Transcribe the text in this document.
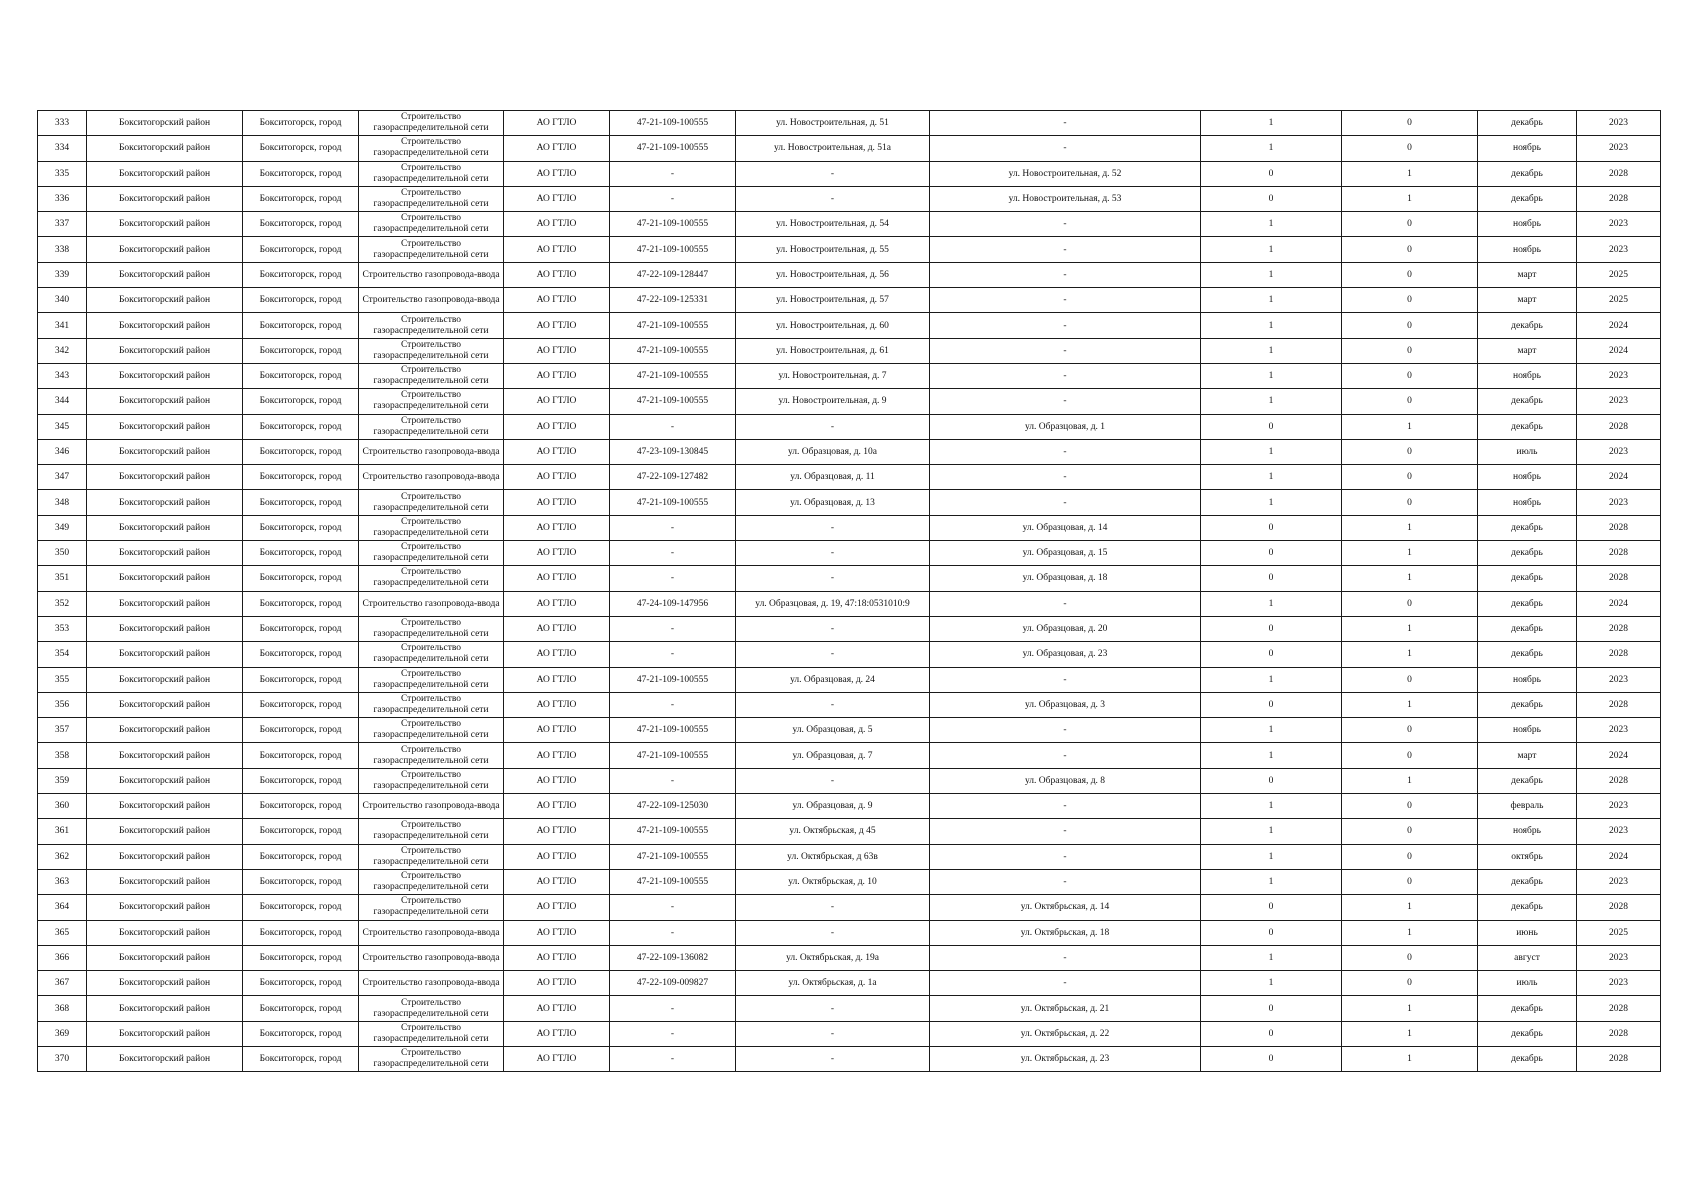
333	Бокситогорский район	Бокситогорск, город	Строительство газораспределительной сети	АО ГТЛО	47-21-109-100555	ул. Новостроительная, д. 51	-	1	0	декабрь	2023
334	Бокситогорский район	Бокситогорск, город	Строительство газораспределительной сети	АО ГТЛО	47-21-109-100555	ул. Новостроительная, д. 51а	-	1	0	ноябрь	2023
335	Бокситогорский район	Бокситогорск, город	Строительство газораспределительной сети	АО ГТЛО	-	-	ул. Новостроительная, д. 52	0	1	декабрь	2028
336	Бокситогорский район	Бокситогорск, город	Строительство газораспределительной сети	АО ГТЛО	-	-	ул. Новостроительная, д. 53	0	1	декабрь	2028
337	Бокситогорский район	Бокситогорск, город	Строительство газораспределительной сети	АО ГТЛО	47-21-109-100555	ул. Новостроительная, д. 54	-	1	0	ноябрь	2023
338	Бокситогорский район	Бокситогорск, город	Строительство газораспределительной сети	АО ГТЛО	47-21-109-100555	ул. Новостроительная, д. 55	-	1	0	ноябрь	2023
339	Бокситогорский район	Бокситогорск, город	Строительство газопровода-ввода	АО ГТЛО	47-22-109-128447	ул. Новостроительная, д. 56	-	1	0	март	2025
340	Бокситогорский район	Бокситогорск, город	Строительство газопровода-ввода	АО ГТЛО	47-22-109-125331	ул. Новостроительная, д. 57	-	1	0	март	2025
341	Бокситогорский район	Бокситогорск, город	Строительство газораспределительной сети	АО ГТЛО	47-21-109-100555	ул. Новостроительная, д. 60	-	1	0	декабрь	2024
342	Бокситогорский район	Бокситогорск, город	Строительство газораспределительной сети	АО ГТЛО	47-21-109-100555	ул. Новостроительная, д. 61	-	1	0	март	2024
343	Бокситогорский район	Бокситогорск, город	Строительство газораспределительной сети	АО ГТЛО	47-21-109-100555	ул. Новостроительная, д. 7	-	1	0	ноябрь	2023
344	Бокситогорский район	Бокситогорск, город	Строительство газораспределительной сети	АО ГТЛО	47-21-109-100555	ул. Новостроительная, д. 9	-	1	0	декабрь	2023
345	Бокситогорский район	Бокситогорск, город	Строительство газораспределительной сети	АО ГТЛО	-	-	ул. Образцовая, д. 1	0	1	декабрь	2028
346	Бокситогорский район	Бокситогорск, город	Строительство газопровода-ввода	АО ГТЛО	47-23-109-130845	ул. Образцовая, д. 10а	-	1	0	июль	2023
347	Бокситогорский район	Бокситогорск, город	Строительство газопровода-ввода	АО ГТЛО	47-22-109-127482	ул. Образцовая, д. 11	-	1	0	ноябрь	2024
348	Бокситогорский район	Бокситогорск, город	Строительство газораспределительной сети	АО ГТЛО	47-21-109-100555	ул. Образцовая, д. 13	-	1	0	ноябрь	2023
349	Бокситогорский район	Бокситогорск, город	Строительство газораспределительной сети	АО ГТЛО	-	-	ул. Образцовая, д. 14	0	1	декабрь	2028
350	Бокситогорский район	Бокситогорск, город	Строительство газораспределительной сети	АО ГТЛО	-	-	ул. Образцовая, д. 15	0	1	декабрь	2028
351	Бокситогорский район	Бокситогорск, город	Строительство газораспределительной сети	АО ГТЛО	-	-	ул. Образцовая, д. 18	0	1	декабрь	2028
352	Бокситогорский район	Бокситогорск, город	Строительство газопровода-ввода	АО ГТЛО	47-24-109-147956	ул. Образцовая, д. 19, 47:18:0531010:9	-	1	0	декабрь	2024
353	Бокситогорский район	Бокситогорск, город	Строительство газораспределительной сети	АО ГТЛО	-	-	ул. Образцовая, д. 20	0	1	декабрь	2028
354	Бокситогорский район	Бокситогорск, город	Строительство газораспределительной сети	АО ГТЛО	-	-	ул. Образцовая, д. 23	0	1	декабрь	2028
355	Бокситогорский район	Бокситогорск, город	Строительство газораспределительной сети	АО ГТЛО	47-21-109-100555	ул. Образцовая, д. 24	-	1	0	ноябрь	2023
356	Бокситогорский район	Бокситогорск, город	Строительство газораспределительной сети	АО ГТЛО	-	-	ул. Образцовая, д. 3	0	1	декабрь	2028
357	Бокситогорский район	Бокситогорск, город	Строительство газораспределительной сети	АО ГТЛО	47-21-109-100555	ул. Образцовая, д. 5	-	1	0	ноябрь	2023
358	Бокситогорский район	Бокситогорск, город	Строительство газораспределительной сети	АО ГТЛО	47-21-109-100555	ул. Образцовая, д. 7	-	1	0	март	2024
359	Бокситогорский район	Бокситогорск, город	Строительство газораспределительной сети	АО ГТЛО	-	-	ул. Образцовая, д. 8	0	1	декабрь	2028
360	Бокситогорский район	Бокситогорск, город	Строительство газопровода-ввода	АО ГТЛО	47-22-109-125030	ул. Образцовая, д. 9	-	1	0	февраль	2023
361	Бокситогорский район	Бокситогорск, город	Строительство газораспределительной сети	АО ГТЛО	47-21-109-100555	ул. Октябрьская, д 45	-	1	0	ноябрь	2023
362	Бокситогорский район	Бокситогорск, город	Строительство газораспределительной сети	АО ГТЛО	47-21-109-100555	ул. Октябрьская, д 63в	-	1	0	октябрь	2024
363	Бокситогорский район	Бокситогорск, город	Строительство газораспределительной сети	АО ГТЛО	47-21-109-100555	ул. Октябрьская, д. 10	-	1	0	декабрь	2023
364	Бокситогорский район	Бокситогорск, город	Строительство газораспределительной сети	АО ГТЛО	-	-	ул. Октябрьская, д. 14	0	1	декабрь	2028
365	Бокситогорский район	Бокситогорск, город	Строительство газопровода-ввода	АО ГТЛО	-	-	ул. Октябрьская, д. 18	0	1	июнь	2025
366	Бокситогорский район	Бокситогорск, город	Строительство газопровода-ввода	АО ГТЛО	47-22-109-136082	ул. Октябрьская, д. 19а	-	1	0	август	2023
367	Бокситогорский район	Бокситогорск, город	Строительство газопровода-ввода	АО ГТЛО	47-22-109-009827	ул. Октябрьская, д. 1а	-	1	0	июль	2023
368	Бокситогорский район	Бокситогорск, город	Строительство газораспределительной сети	АО ГТЛО	-	-	ул. Октябрьская, д. 21	0	1	декабрь	2028
369	Бокситогорский район	Бокситогорск, город	Строительство газораспределительной сети	АО ГТЛО	-	-	ул. Октябрьская, д. 22	0	1	декабрь	2028
370	Бокситогорский район	Бокситогорск, город	Строительство газораспределительной сети	АО ГТЛО	-	-	ул. Октябрьская, д. 23	0	1	декабрь	2028
